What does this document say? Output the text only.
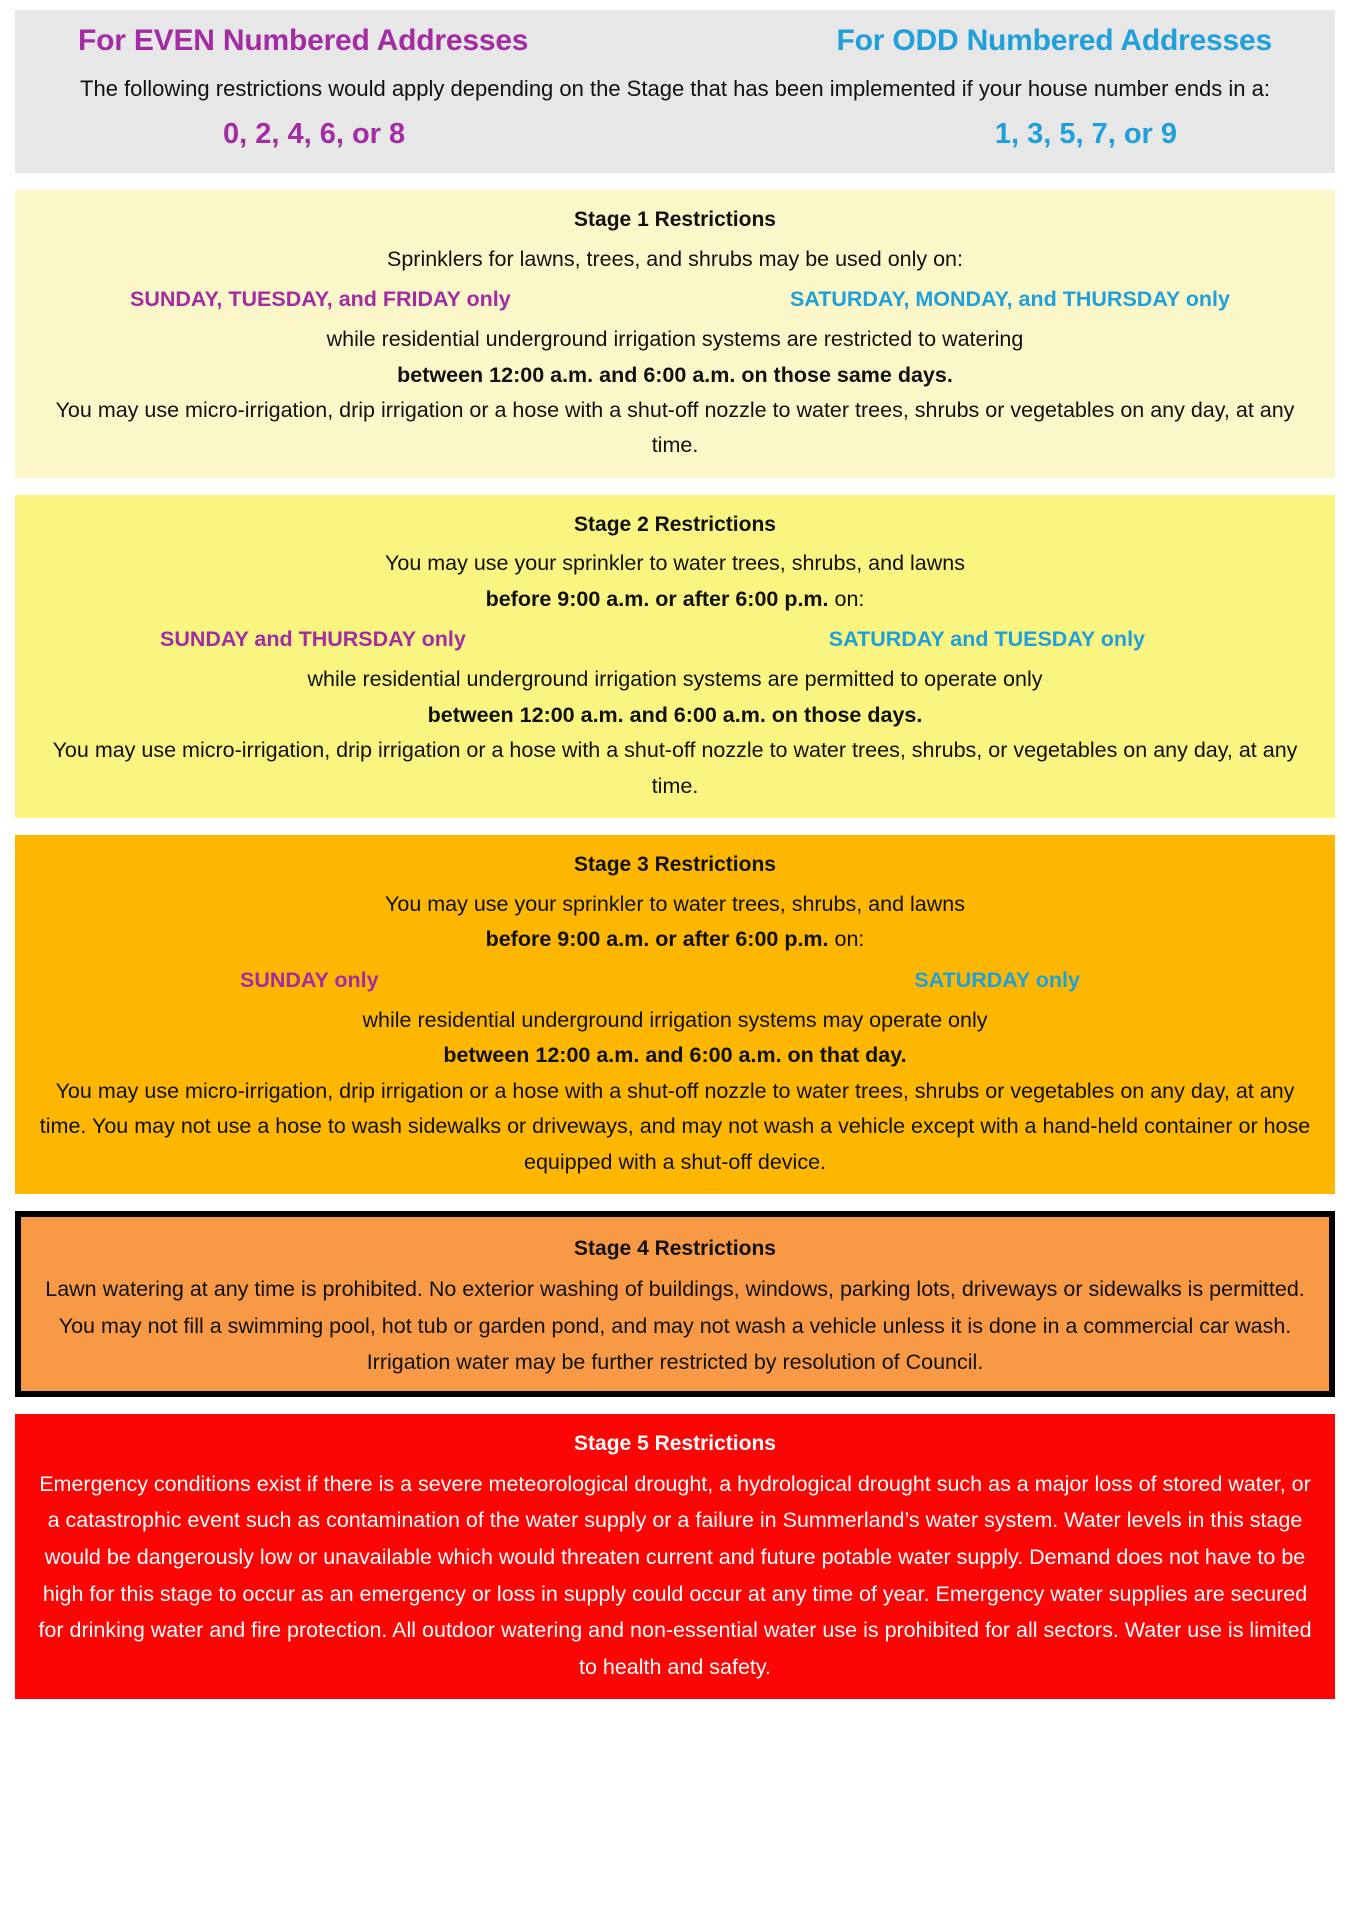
For EVEN Numbered Addresses	For ODD Numbered Addresses
The following restrictions would apply depending on the Stage that has been implemented if your house number ends in a:
0, 2, 4, 6, or 8	1, 3, 5, 7, or 9
Stage 1 Restrictions
Sprinklers for lawns, trees, and shrubs may be used only on:
SUNDAY, TUESDAY, and FRIDAY only	SATURDAY, MONDAY, and THURSDAY only
while residential underground irrigation systems are restricted to watering
between 12:00 a.m. and 6:00 a.m. on those same days.
You may use micro-irrigation, drip irrigation or a hose with a shut-off nozzle to water trees, shrubs or vegetables on any day, at any time.
Stage 2 Restrictions
You may use your sprinkler to water trees, shrubs, and lawns
before 9:00 a.m. or after 6:00 p.m. on:
SUNDAY and THURSDAY only	SATURDAY and TUESDAY only
while residential underground irrigation systems are permitted to operate only
between 12:00 a.m. and 6:00 a.m. on those days.
You may use micro-irrigation, drip irrigation or a hose with a shut-off nozzle to water trees, shrubs, or vegetables on any day, at any time.
Stage 3 Restrictions
You may use your sprinkler to water trees, shrubs, and lawns
before 9:00 a.m. or after 6:00 p.m. on:
SUNDAY only	SATURDAY only
while residential underground irrigation systems may operate only
between 12:00 a.m. and 6:00 a.m. on that day.
You may use micro-irrigation, drip irrigation or a hose with a shut-off nozzle to water trees, shrubs or vegetables on any day, at any time. You may not use a hose to wash sidewalks or driveways, and may not wash a vehicle except with a hand-held container or hose equipped with a shut-off device.
Stage 4 Restrictions
Lawn watering at any time is prohibited. No exterior washing of buildings, windows, parking lots, driveways or sidewalks is permitted. You may not fill a swimming pool, hot tub or garden pond, and may not wash a vehicle unless it is done in a commercial car wash. Irrigation water may be further restricted by resolution of Council.
Stage 5 Restrictions
Emergency conditions exist if there is a severe meteorological drought, a hydrological drought such as a major loss of stored water, or a catastrophic event such as contamination of the water supply or a failure in Summerland’s water system. Water levels in this stage would be dangerously low or unavailable which would threaten current and future potable water supply. Demand does not have to be high for this stage to occur as an emergency or loss in supply could occur at any time of year. Emergency water supplies are secured for drinking water and fire protection. All outdoor watering and non-essential water use is prohibited for all sectors. Water use is limited to health and safety.
